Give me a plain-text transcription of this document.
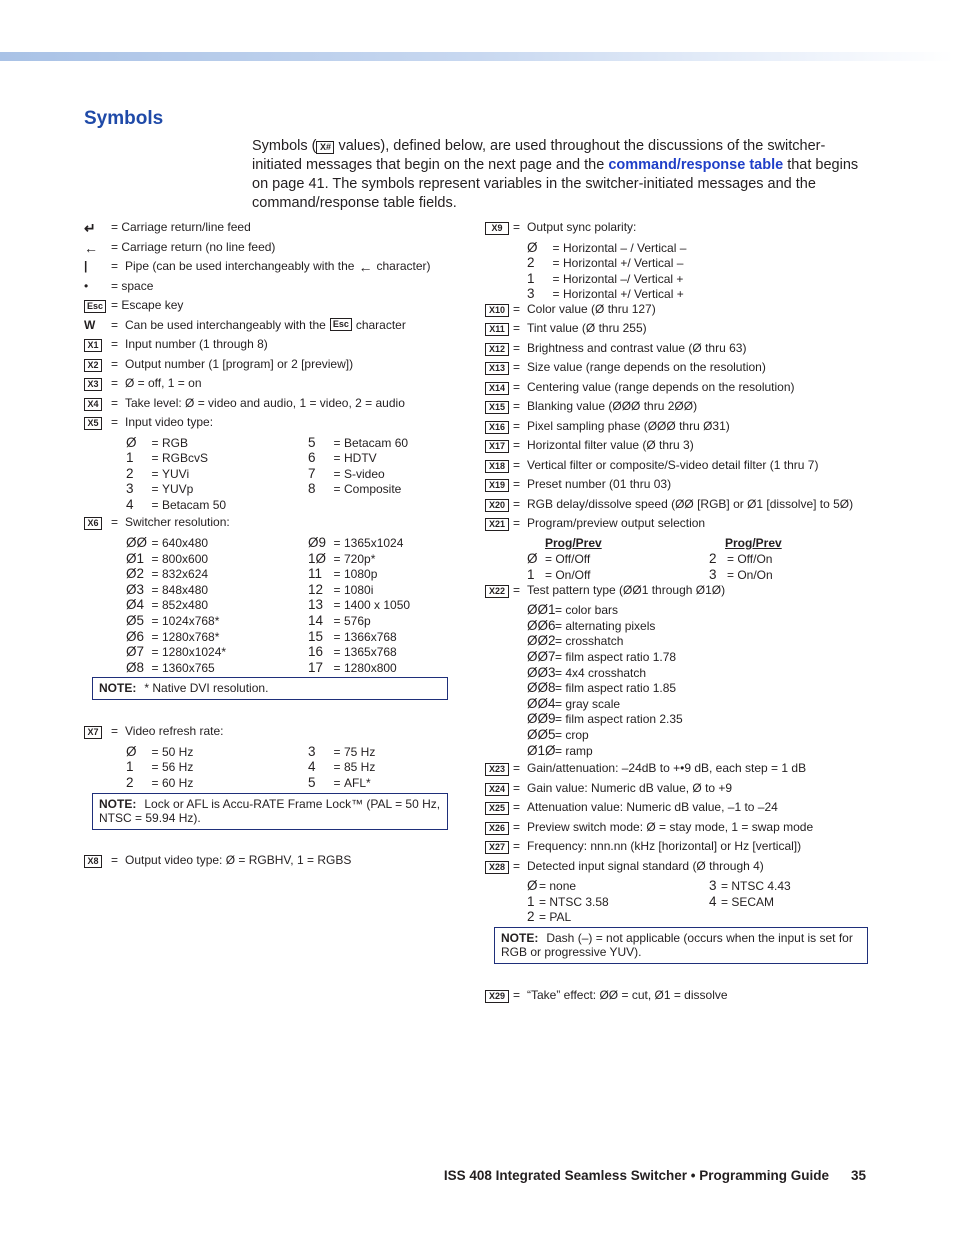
Symbols
Symbols ( X# values), defined below, are used throughout the discussions of the switcher-initiated messages that begin on the next page and the command/response table that begins on page 41. The symbols represent variables in the switcher-initiated messages and the command/response table fields.
↵	= Carriage return/line feed
←	= Carriage return (no line feed)
|	= Pipe (can be used interchangeably with the ← character)
•	= space
Esc = Escape key
W	= Can be used interchangeably with the Esc character
X1	= Input number (1 through 8)
X2	= Output number (1 [program] or 2 [preview])
X3	= Ø = off, 1 = on
X4	= Take level: Ø = video and audio, 1 = video, 2 = audio
X5	= Input video type:
Ø	= RGB	5	= Betacam 60
1	= RGBcvS	6	= HDTV
2	= YUVi	7	= S-video
3	= YUVp	8	= Composite
4	= Betacam 50
X6	= Switcher resolution:
ØØ = 640x480	Ø9 = 1365x1024
Ø1 = 800x600	1Ø = 720p*
Ø2 = 832x624	11 = 1080p
Ø3 = 848x480	12 = 1080i
Ø4 = 852x480	13 = 1400 x 1050
Ø5 = 1024x768*	14 = 576p
Ø6 = 1280x768*	15 = 1366x768
Ø7 = 1280x1024*	16 = 1365x768
Ø8 = 1360x765	17 = 1280x800
NOTE: * Native DVI resolution.
X7	= Video refresh rate:
Ø	= 50 Hz	3	= 75 Hz
1	= 56 Hz	4	= 85 Hz
2	= 60 Hz	5	= AFL*
NOTE: Lock or AFL is Accu-RATE Frame Lock™ (PAL = 50 Hz, NTSC = 59.94 Hz).
X8	= Output video type: Ø = RGBHV, 1 = RGBS
X9 = Output sync polarity:
Ø	= Horizontal – / Vertical –
2	= Horizontal +/ Vertical –
1	= Horizontal –/ Vertical +
3	= Horizontal +/ Vertical +
X10 = Color value (Ø thru 127)
X11 = Tint value (Ø thru 255)
X12 = Brightness and contrast value (Ø thru 63)
X13 = Size value (range depends on the resolution)
X14 = Centering value (range depends on the resolution)
X15 = Blanking value (ØØØ thru 2ØØ)
X16 = Pixel sampling phase (ØØØ thru Ø31)
X17 = Horizontal filter value (Ø thru 3)
X18 = Vertical filter or composite/S-video detail filter (1 thru 7)
X19 = Preset number (01 thru 03)
X20 = RGB delay/dissolve speed (ØØ [RGB] or Ø1 [dissolve] to 5Ø)
X21 = Program/preview output selection
Prog/Prev	Prog/Prev
Ø = Off/Off	2 = Off/On
1 = On/Off	3 = On/On
X22 = Test pattern type (ØØ1 through Ø1Ø)
ØØ1 = color bars
ØØ6 = alternating pixels
ØØ2 = crosshatch
ØØ7 = film aspect ratio 1.78
ØØ3 = 4x4 crosshatch
ØØ8 = film aspect ratio 1.85
ØØ4 = gray scale
ØØ9 = film aspect ration 2.35
ØØ5 = crop
Ø1Ø = ramp
X23 = Gain/attenuation: –24dB to +•9 dB, each step = 1 dB
X24 = Gain value: Numeric dB value, Ø to +9
X25 = Attenuation value: Numeric dB value, –1 to –24
X26 = Preview switch mode: Ø = stay mode, 1 = swap mode
X27 = Frequency: nnn.nn (kHz [horizontal] or Hz [vertical])
X28 = Detected input signal standard (Ø through 4)
Ø = none	3 = NTSC 4.43
1 = NTSC 3.58	4 = SECAM
2 = PAL
NOTE: Dash (–) = not applicable (occurs when the input is set for RGB or progressive YUV).
X29 = “Take” effect: ØØ = cut, Ø1 = dissolve
ISS 408 Integrated Seamless Switcher • Programming Guide 35
